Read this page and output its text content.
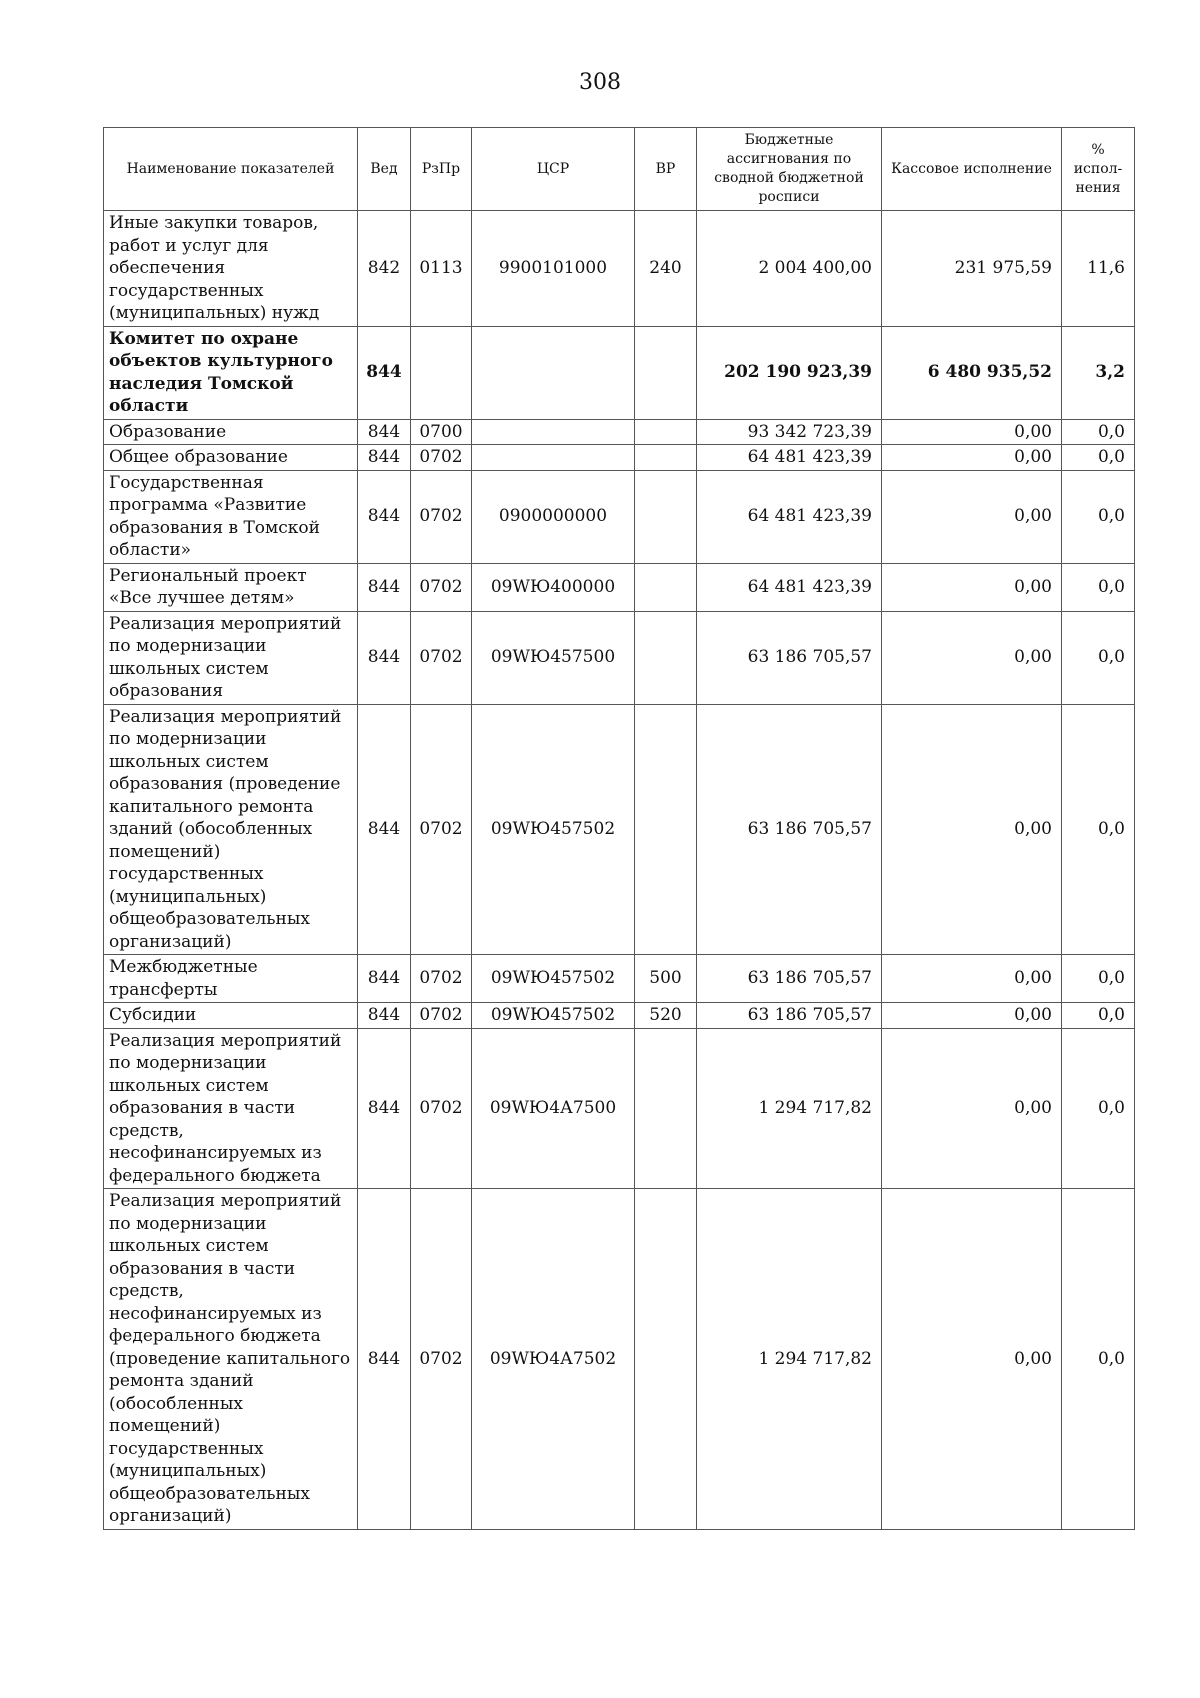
308
Наименование показателей	Вед	РзПр	ЦСР	ВР	Бюджетные ассигнования по сводной бюджетной росписи	Кассовое исполнение	% испол-нения
Иные закупки товаров, работ и услуг для обеспечения государственных (муниципальных) нужд	842	0113	9900101000	240	2 004 400,00	231 975,59	11,6
Комитет по охране объектов культурного наследия Томской области	844				202 190 923,39	6 480 935,52	3,2
Образование	844	0700			93 342 723,39	0,00	0,0
Общее образование	844	0702			64 481 423,39	0,00	0,0
Государственная программа «Развитие образования в Томской области»	844	0702	0900000000		64 481 423,39	0,00	0,0
Региональный проект «Все лучшее детям»	844	0702	09WЮ400000		64 481 423,39	0,00	0,0
Реализация мероприятий по модернизации школьных систем образования	844	0702	09WЮ457500		63 186 705,57	0,00	0,0
Реализация мероприятий по модернизации школьных систем образования (проведение капитального ремонта зданий (обособленных помещений) государственных (муниципальных) общеобразовательных организаций)	844	0702	09WЮ457502		63 186 705,57	0,00	0,0
Межбюджетные трансферты	844	0702	09WЮ457502	500	63 186 705,57	0,00	0,0
Субсидии	844	0702	09WЮ457502	520	63 186 705,57	0,00	0,0
Реализация мероприятий по модернизации школьных систем образования в части средств, несофинансируемых из федерального бюджета	844	0702	09WЮ4А7500		1 294 717,82	0,00	0,0
Реализация мероприятий по модернизации школьных систем образования в части средств, несофинансируемых из федерального бюджета (проведение капитального ремонта зданий (обособленных помещений) государственных (муниципальных) общеобразовательных организаций)	844	0702	09WЮ4А7502		1 294 717,82	0,00	0,0
